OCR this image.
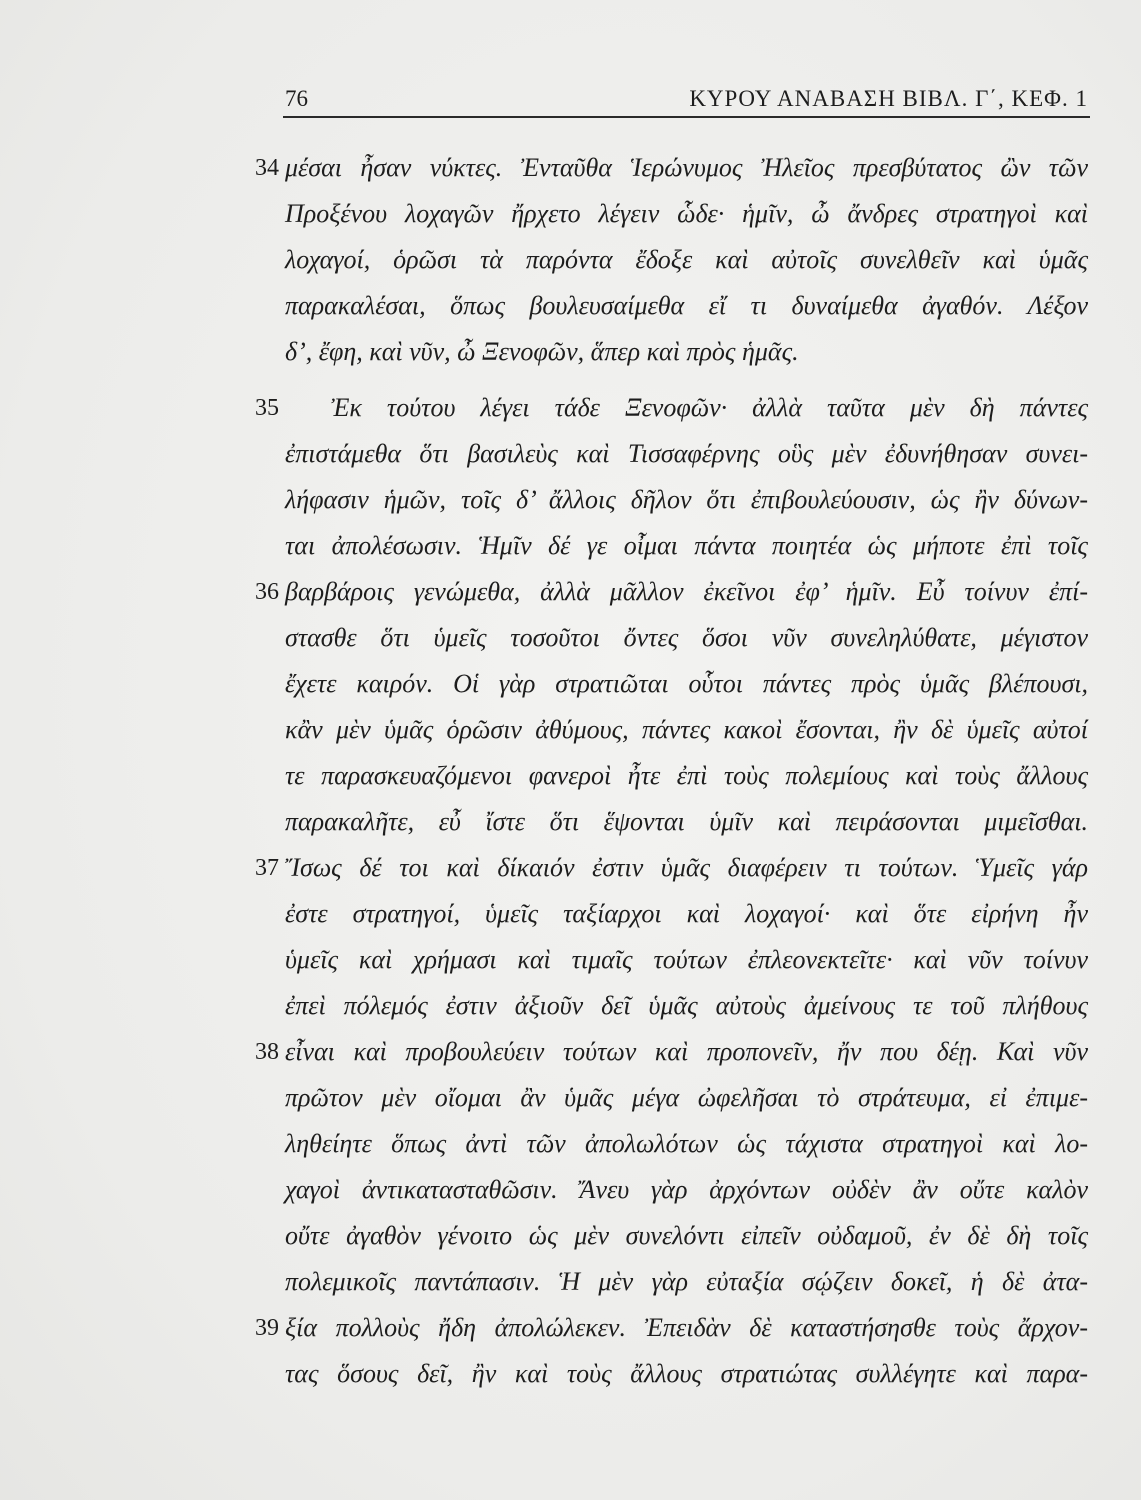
76	ΚΥΡΟΥ ΑΝΑΒΑΣΗ ΒΙΒΛ. Γ΄, ΚΕΦ. 1
34 μέσαι ἦσαν νύκτες. Ἐνταῦθα Ἱερώνυμος Ἠλεῖος πρεσβύτατος ὢν τῶν
Προξένου λοχαγῶν ἤρχετο λέγειν ὧδε· ἡμῖν, ὦ ἄνδρες στρατηγοὶ καὶ
λοχαγοί, ὁρῶσι τὰ παρόντα ἔδοξε καὶ αὐτοῖς συνελθεῖν καὶ ὑμᾶς
παρακαλέσαι, ὅπως βουλευσαίμεθα εἴ τι δυναίμεθα ἀγαθόν. Λέξον
δ’, ἔφη, καὶ νῦν, ὦ Ξενοφῶν, ἅπερ καὶ πρὸς ἡμᾶς.
35 Ἐκ τούτου λέγει τάδε Ξενοφῶν· ἀλλὰ ταῦτα μὲν δὴ πάντες
ἐπιστάμεθα ὅτι βασιλεὺς καὶ Τισσαφέρνης οὓς μὲν ἐδυνήθησαν συνει-
λήφασιν ἡμῶν, τοῖς δ’ ἄλλοις δῆλον ὅτι ἐπιβουλεύουσιν, ὡς ἢν δύνων-
ται ἀπολέσωσιν. Ἡμῖν δέ γε οἶμαι πάντα ποιητέα ὡς μήποτε ἐπὶ τοῖς
36 βαρβάροις γενώμεθα, ἀλλὰ μᾶλλον ἐκεῖνοι ἐφ’ ἡμῖν. Εὖ τοίνυν ἐπί-
στασθε ὅτι ὑμεῖς τοσοῦτοι ὄντες ὅσοι νῦν συνεληλύθατε, μέγιστον
ἔχετε καιρόν. Οἱ γὰρ στρατιῶται οὗτοι πάντες πρὸς ὑμᾶς βλέπουσι,
κἂν μὲν ὑμᾶς ὁρῶσιν ἀθύμους, πάντες κακοὶ ἔσονται, ἢν δὲ ὑμεῖς αὐτοί
τε παρασκευαζόμενοι φανεροὶ ἦτε ἐπὶ τοὺς πολεμίους καὶ τοὺς ἄλλους
παρακαλῆτε, εὖ ἴστε ὅτι ἕψονται ὑμῖν καὶ πειράσονται μιμεῖσθαι.
37 Ἴσως δέ τοι καὶ δίκαιόν ἐστιν ὑμᾶς διαφέρειν τι τούτων. Ὑμεῖς γάρ
ἐστε στρατηγοί, ὑμεῖς ταξίαρχοι καὶ λοχαγοί· καὶ ὅτε εἰρήνη ἦν
ὑμεῖς καὶ χρήμασι καὶ τιμαῖς τούτων ἐπλεονεκτεῖτε· καὶ νῦν τοίνυν
ἐπεὶ πόλεμός ἐστιν ἀξιοῦν δεῖ ὑμᾶς αὐτοὺς ἀμείνους τε τοῦ πλήθους
38 εἶναι καὶ προβουλεύειν τούτων καὶ προπονεῖν, ἤν που δέῃ. Καὶ νῦν
πρῶτον μὲν οἴομαι ἂν ὑμᾶς μέγα ὠφελῆσαι τὸ στράτευμα, εἰ ἐπιμε-
ληθείητε ὅπως ἀντὶ τῶν ἀπολωλότων ὡς τάχιστα στρατηγοὶ καὶ λο-
χαγοὶ ἀντικατασταθῶσιν. Ἄνευ γὰρ ἀρχόντων οὐδὲν ἂν οὔτε καλὸν
οὔτε ἀγαθὸν γένοιτο ὡς μὲν συνελόντι εἰπεῖν οὐδαμοῦ, ἐν δὲ δὴ τοῖς
πολεμικοῖς παντάπασιν. Ἡ μὲν γὰρ εὐταξία σῴζειν δοκεῖ, ἡ δὲ ἀτα-
39 ξία πολλοὺς ἤδη ἀπολώλεκεν. Ἐπειδὰν δὲ καταστήσησθε τοὺς ἄρχον-
τας ὅσους δεῖ, ἢν καὶ τοὺς ἄλλους στρατιώτας συλλέγητε καὶ παρα-
